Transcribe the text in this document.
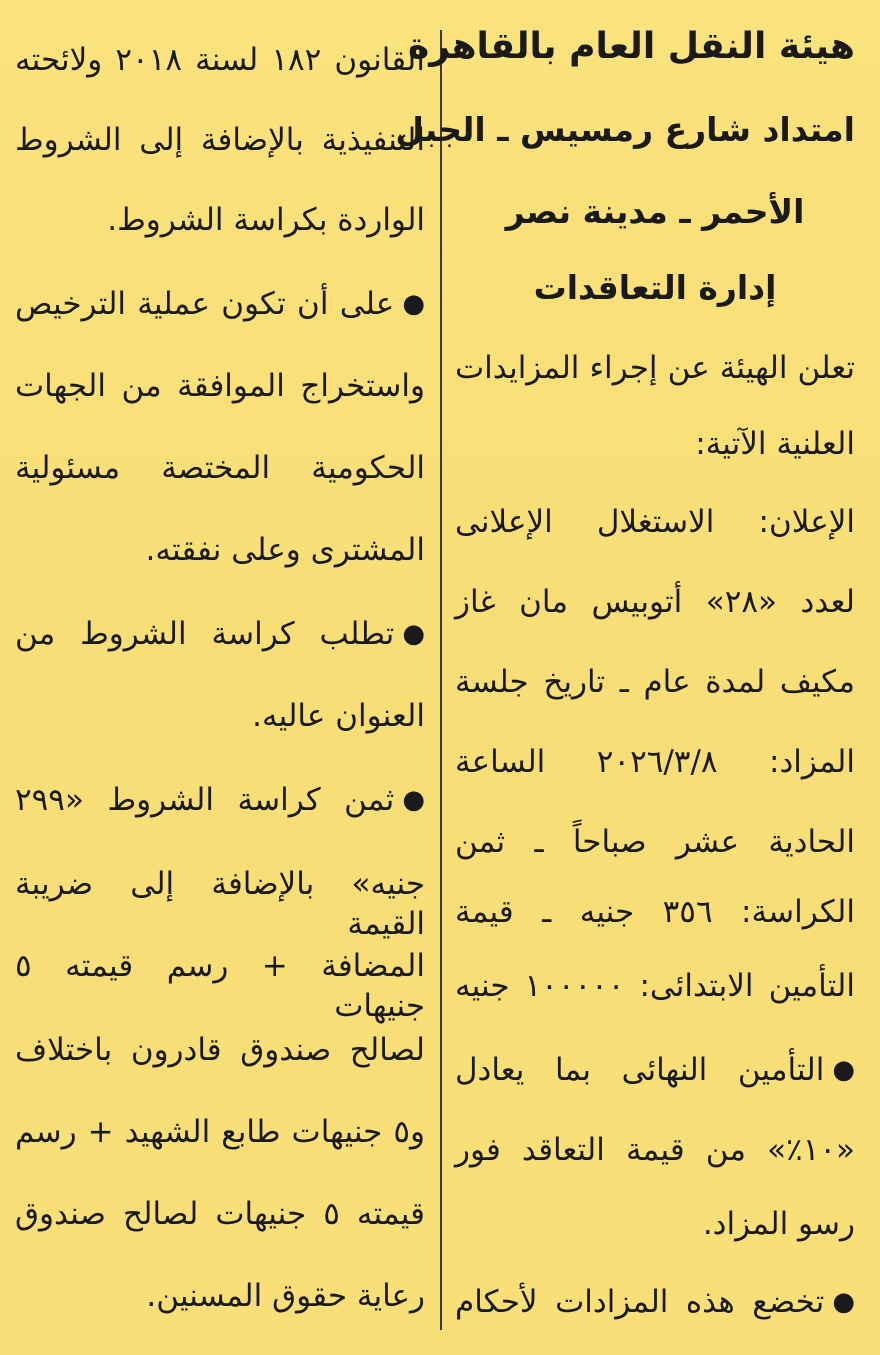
هيئة النقل العام بالقاهرة
امتداد شارع رمسيس ـ الجبل
الأحمر ـ مدينة نصر
إدارة التعاقدات
تعلن الهيئة عن إجراء المزايدات
العلنية الآتية:
الإعلان: الاستغلال الإعلانى
لعدد «٢٨» أتوبيس مان غاز
مكيف لمدة عام ـ تاريخ جلسة
المزاد: ٢٠٢٦/٣/٨ الساعة
الحادية عشر صباحاً ـ ثمن
الكراسة: ٣٥٦ جنيه ـ قيمة
التأمين الابتدائى: ١٠٠٠٠٠ جنيه
● التأمين النهائى بما يعادل
«١٠٪» من قيمة التعاقد فور
رسو المزاد.
● تخضع هذه المزادات لأحكام
القانون ١٨٢ لسنة ٢٠١٨ ولائحته
التنفيذية بالإضافة إلى الشروط
الواردة بكراسة الشروط.
● على أن تكون عملية الترخيص
واستخراج الموافقة من الجهات
الحكومية المختصة مسئولية
المشترى وعلى نفقته.
● تطلب كراسة الشروط من
العنوان عاليه.
● ثمن كراسة الشروط «٢٩٩
جنيه» بالإضافة إلى ضريبة القيمة
المضافة + رسم قيمته ٥ جنيهات
لصالح صندوق قادرون باختلاف
و٥ جنيهات طابع الشهيد + رسم
قيمته ٥ جنيهات لصالح صندوق
رعاية حقوق المسنين.
